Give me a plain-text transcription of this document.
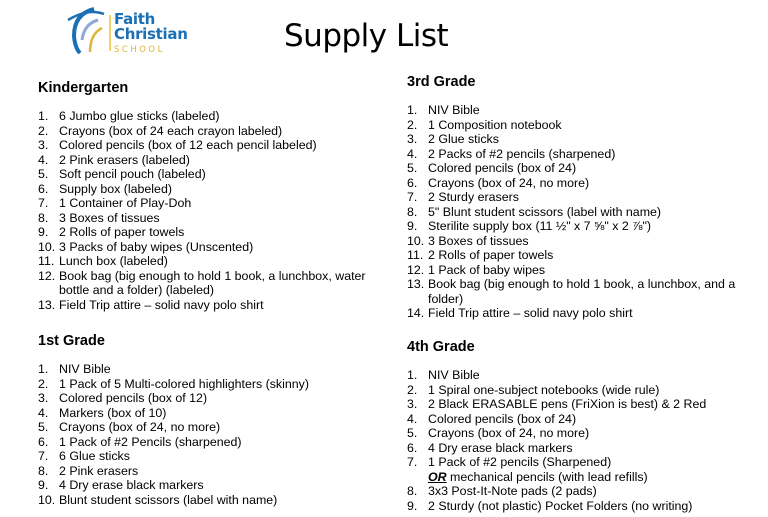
Faith
Christian
SCHOOL	Supply List
Kindergarten
1. 6 Jumbo glue sticks (labeled)
2. Crayons (box of 24 each crayon labeled)
3. Colored pencils (box of 12 each pencil labeled)
4. 2 Pink erasers (labeled)
5. Soft pencil pouch (labeled)
6. Supply box (labeled)
7. 1 Container of Play-Doh
8. 3 Boxes of tissues
9. 2 Rolls of paper towels
10. 3 Packs of baby wipes (Unscented)
11. Lunch box (labeled)
12. Book bag (big enough to hold 1 book, a lunchbox, water bottle and a folder) (labeled)
13. Field Trip attire – solid navy polo shirt
1st Grade
1. NIV Bible
2. 1 Pack of 5 Multi-colored highlighters (skinny)
3. Colored pencils (box of 12)
4. Markers (box of 10)
5. Crayons (box of 24, no more)
6. 1 Pack of #2 Pencils (sharpened)
7. 6 Glue sticks
8. 2 Pink erasers
9. 4 Dry erase black markers
10. Blunt student scissors (label with name)
3rd Grade
1. NIV Bible
2. 1 Composition notebook
3. 2 Glue sticks
4. 2 Packs of #2 pencils (sharpened)
5. Colored pencils (box of 24)
6. Crayons (box of 24, no more)
7. 2 Sturdy erasers
8. 5" Blunt student scissors (label with name)
9. Sterilite supply box (11 ½" x 7 ⅝" x 2 ⅞")
10. 3 Boxes of tissues
11. 2 Rolls of paper towels
12. 1 Pack of baby wipes
13. Book bag (big enough to hold 1 book, a lunchbox, and a folder)
14. Field Trip attire – solid navy polo shirt
4th Grade
1. NIV Bible
2. 1 Spiral one-subject notebooks (wide rule)
3. 2 Black ERASABLE pens (FriXion is best) & 2 Red
4. Colored pencils (box of 24)
5. Crayons (box of 24, no more)
6. 4 Dry erase black markers
7. 1 Pack of #2 pencils (Sharpened)
OR mechanical pencils (with lead refills)
8. 3x3 Post-It-Note pads (2 pads)
9. 2 Sturdy (not plastic) Pocket Folders (no writing)
